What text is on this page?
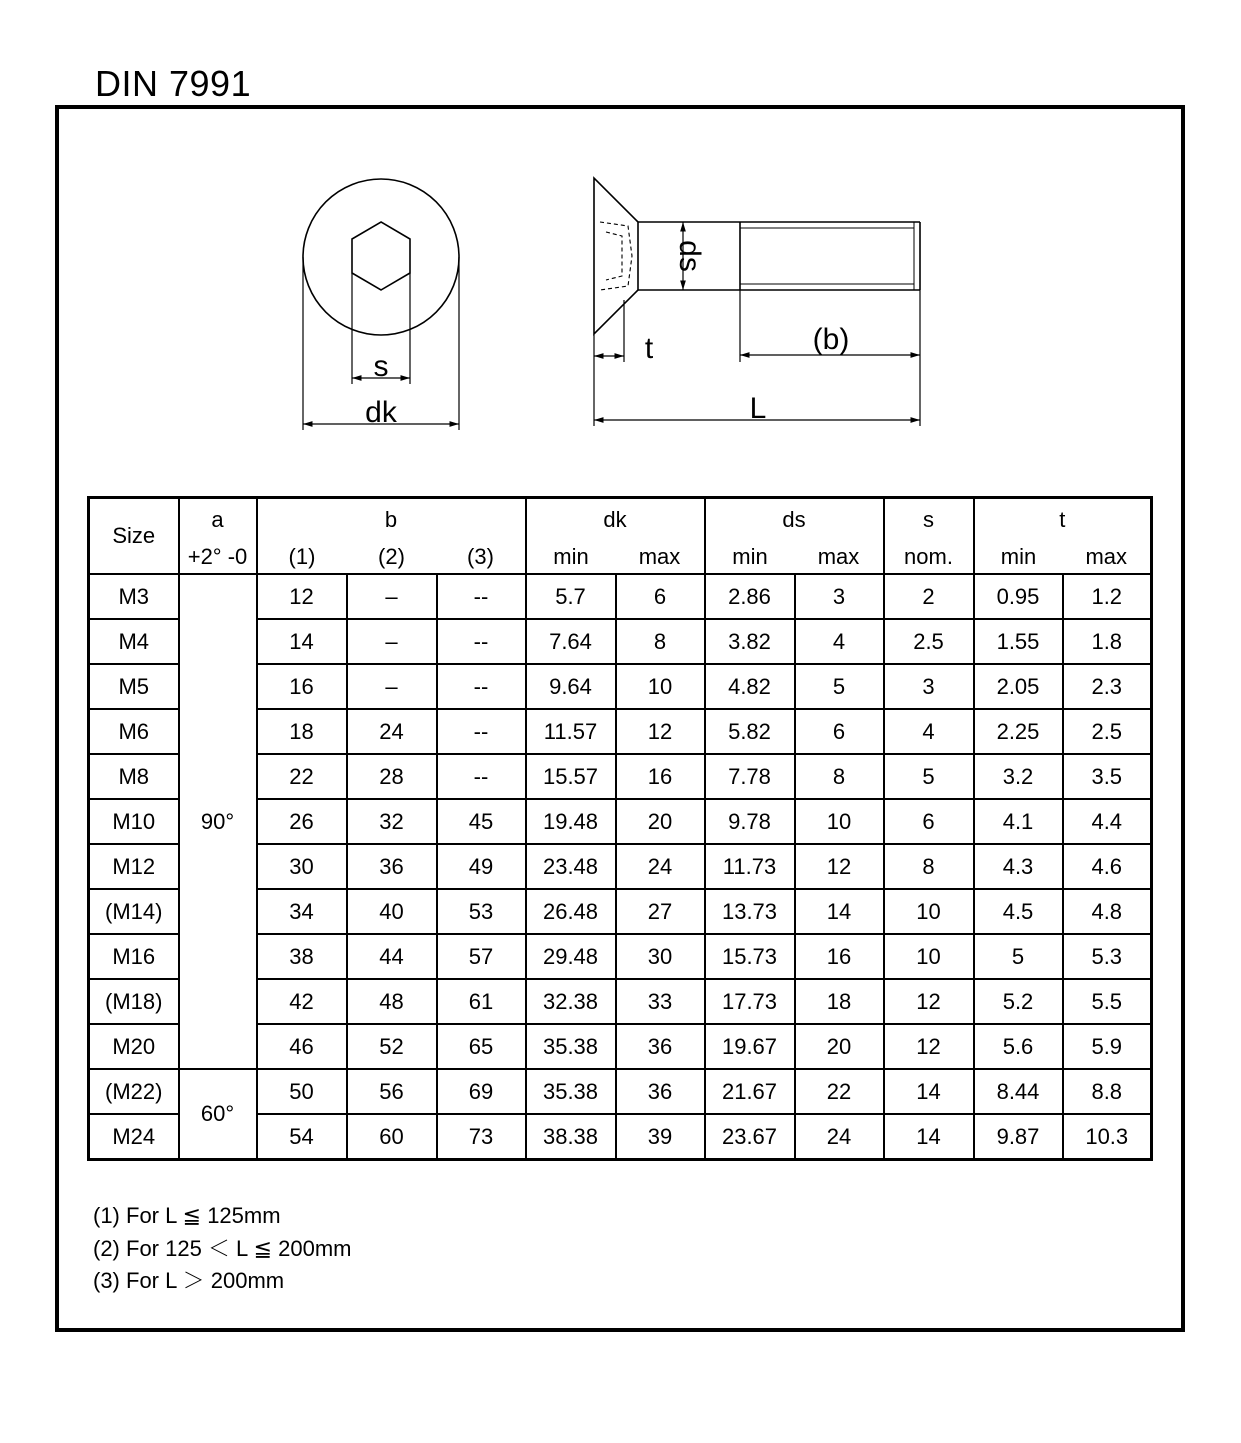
DIN 7991
s
dk
ds
t	(b)
L
Size	a	b			dk		ds		s	t	
	+2° -0	(1)	(2)	(3)	min	max	min	max	nom.	min	max
M3	90°	12	–	--	5.7	6	2.86	3	2	0.95	1.2
M4		14	–	--	7.64	8	3.82	4	2.5	1.55	1.8
M5		16	–	--	9.64	10	4.82	5	3	2.05	2.3
M6		18	24	--	11.57	12	5.82	6	4	2.25	2.5
M8		22	28	--	15.57	16	7.78	8	5	3.2	3.5
M10		26	32	45	19.48	20	9.78	10	6	4.1	4.4
M12		30	36	49	23.48	24	11.73	12	8	4.3	4.6
(M14)		34	40	53	26.48	27	13.73	14	10	4.5	4.8
M16		38	44	57	29.48	30	15.73	16	10	5	5.3
(M18)		42	48	61	32.38	33	17.73	18	12	5.2	5.5
M20		46	52	65	35.38	36	19.67	20	12	5.6	5.9
(M22)	60°	50	56	69	35.38	36	21.67	22	14	8.44	8.8
M24		54	60	73	38.38	39	23.67	24	14	9.87	10.3
(1) For L ≦ 125mm
(2) For 125 ＜ L ≦ 200mm
(3) For L ＞ 200mm
